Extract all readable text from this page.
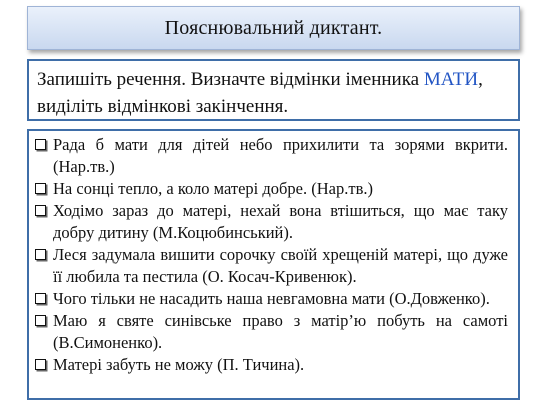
Пояснювальний диктант.
Запишіть речення. Визначте відмінки іменника МАТИ, виділіть відмінкові закінчення.
Рада б мати для дітей небо прихилити та зорями вкрити. (Нар.тв.)
На сонці тепло, а коло матері добре. (Нар.тв.)
Ходімо зараз до матері, нехай вона втішиться, що має таку добру дитину (М.Коцюбинський).
Леся задумала вишити сорочку своїй хрещеній матері, що дуже її любила та пестила (О. Косач-Кривенюк).
Чого тільки не насадить наша невгамовна мати (О.Довженко).
Маю я святе синівське право з матір’ю побуть на самоті (В.Симоненко).
Матері забуть не можу (П. Тичина).
